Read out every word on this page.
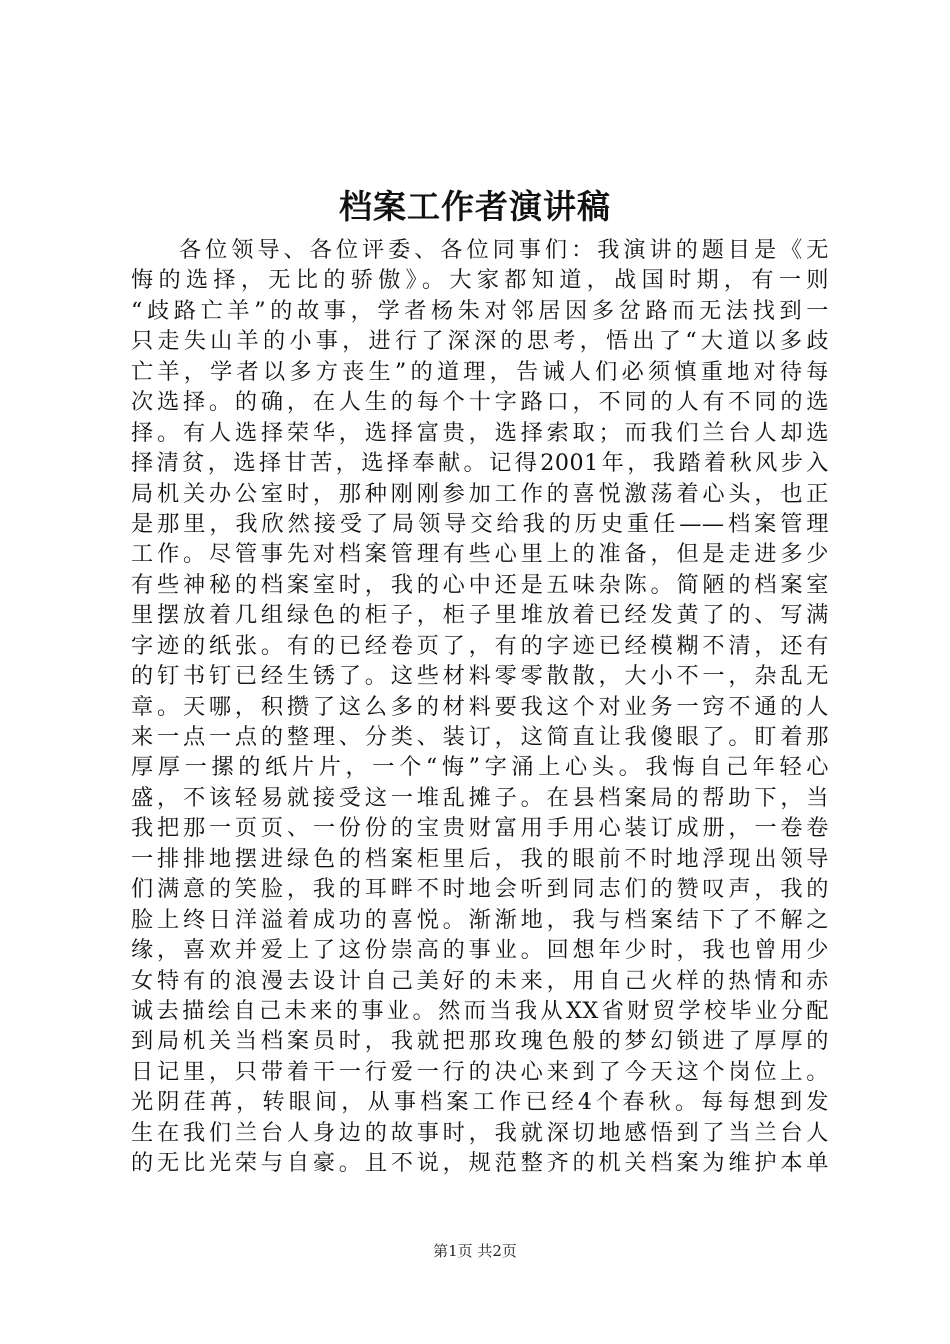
档案工作者演讲稿
各位领导、各位评委、各位同事们：我演讲的题目是《无
悔的选择，无比的骄傲》。大家都知道，战国时期，有一则
“歧路亡羊”的故事，学者杨朱对邻居因多岔路而无法找到一
只走失山羊的小事，进行了深深的思考，悟出了“大道以多歧
亡羊，学者以多方丧生”的道理，告诫人们必须慎重地对待每
次选择。的确，在人生的每个十字路口，不同的人有不同的选
择。有人选择荣华，选择富贵，选择索取；而我们兰台人却选
择清贫，选择甘苦，选择奉献。记得2001年，我踏着秋风步入
局机关办公室时，那种刚刚参加工作的喜悦激荡着心头，也正
是那里，我欣然接受了局领导交给我的历史重任——档案管理
工作。尽管事先对档案管理有些心里上的准备，但是走进多少
有些神秘的档案室时，我的心中还是五味杂陈。简陋的档案室
里摆放着几组绿色的柜子，柜子里堆放着已经发黄了的、写满
字迹的纸张。有的已经卷页了，有的字迹已经模糊不清，还有
的钉书钉已经生锈了。这些材料零零散散，大小不一，杂乱无
章。天哪，积攒了这么多的材料要我这个对业务一窍不通的人
来一点一点的整理、分类、装订，这简直让我傻眼了。盯着那
厚厚一摞的纸片片，一个“悔”字涌上心头。我悔自己年轻心
盛，不该轻易就接受这一堆乱摊子。在县档案局的帮助下，当
我把那一页页、一份份的宝贵财富用手用心装订成册，一卷卷
一排排地摆进绿色的档案柜里后，我的眼前不时地浮现出领导
们满意的笑脸，我的耳畔不时地会听到同志们的赞叹声，我的
脸上终日洋溢着成功的喜悦。渐渐地，我与档案结下了不解之
缘，喜欢并爱上了这份崇高的事业。回想年少时，我也曾用少
女特有的浪漫去设计自己美好的未来，用自己火样的热情和赤
诚去描绘自己未来的事业。然而当我从XX省财贸学校毕业分配
到局机关当档案员时，我就把那玫瑰色般的梦幻锁进了厚厚的
日记里，只带着干一行爱一行的决心来到了今天这个岗位上。
光阴荏苒，转眼间，从事档案工作已经4个春秋。每每想到发
生在我们兰台人身边的故事时，我就深切地感悟到了当兰台人
的无比光荣与自豪。且不说，规范整齐的机关档案为维护本单
第1页 共2页
